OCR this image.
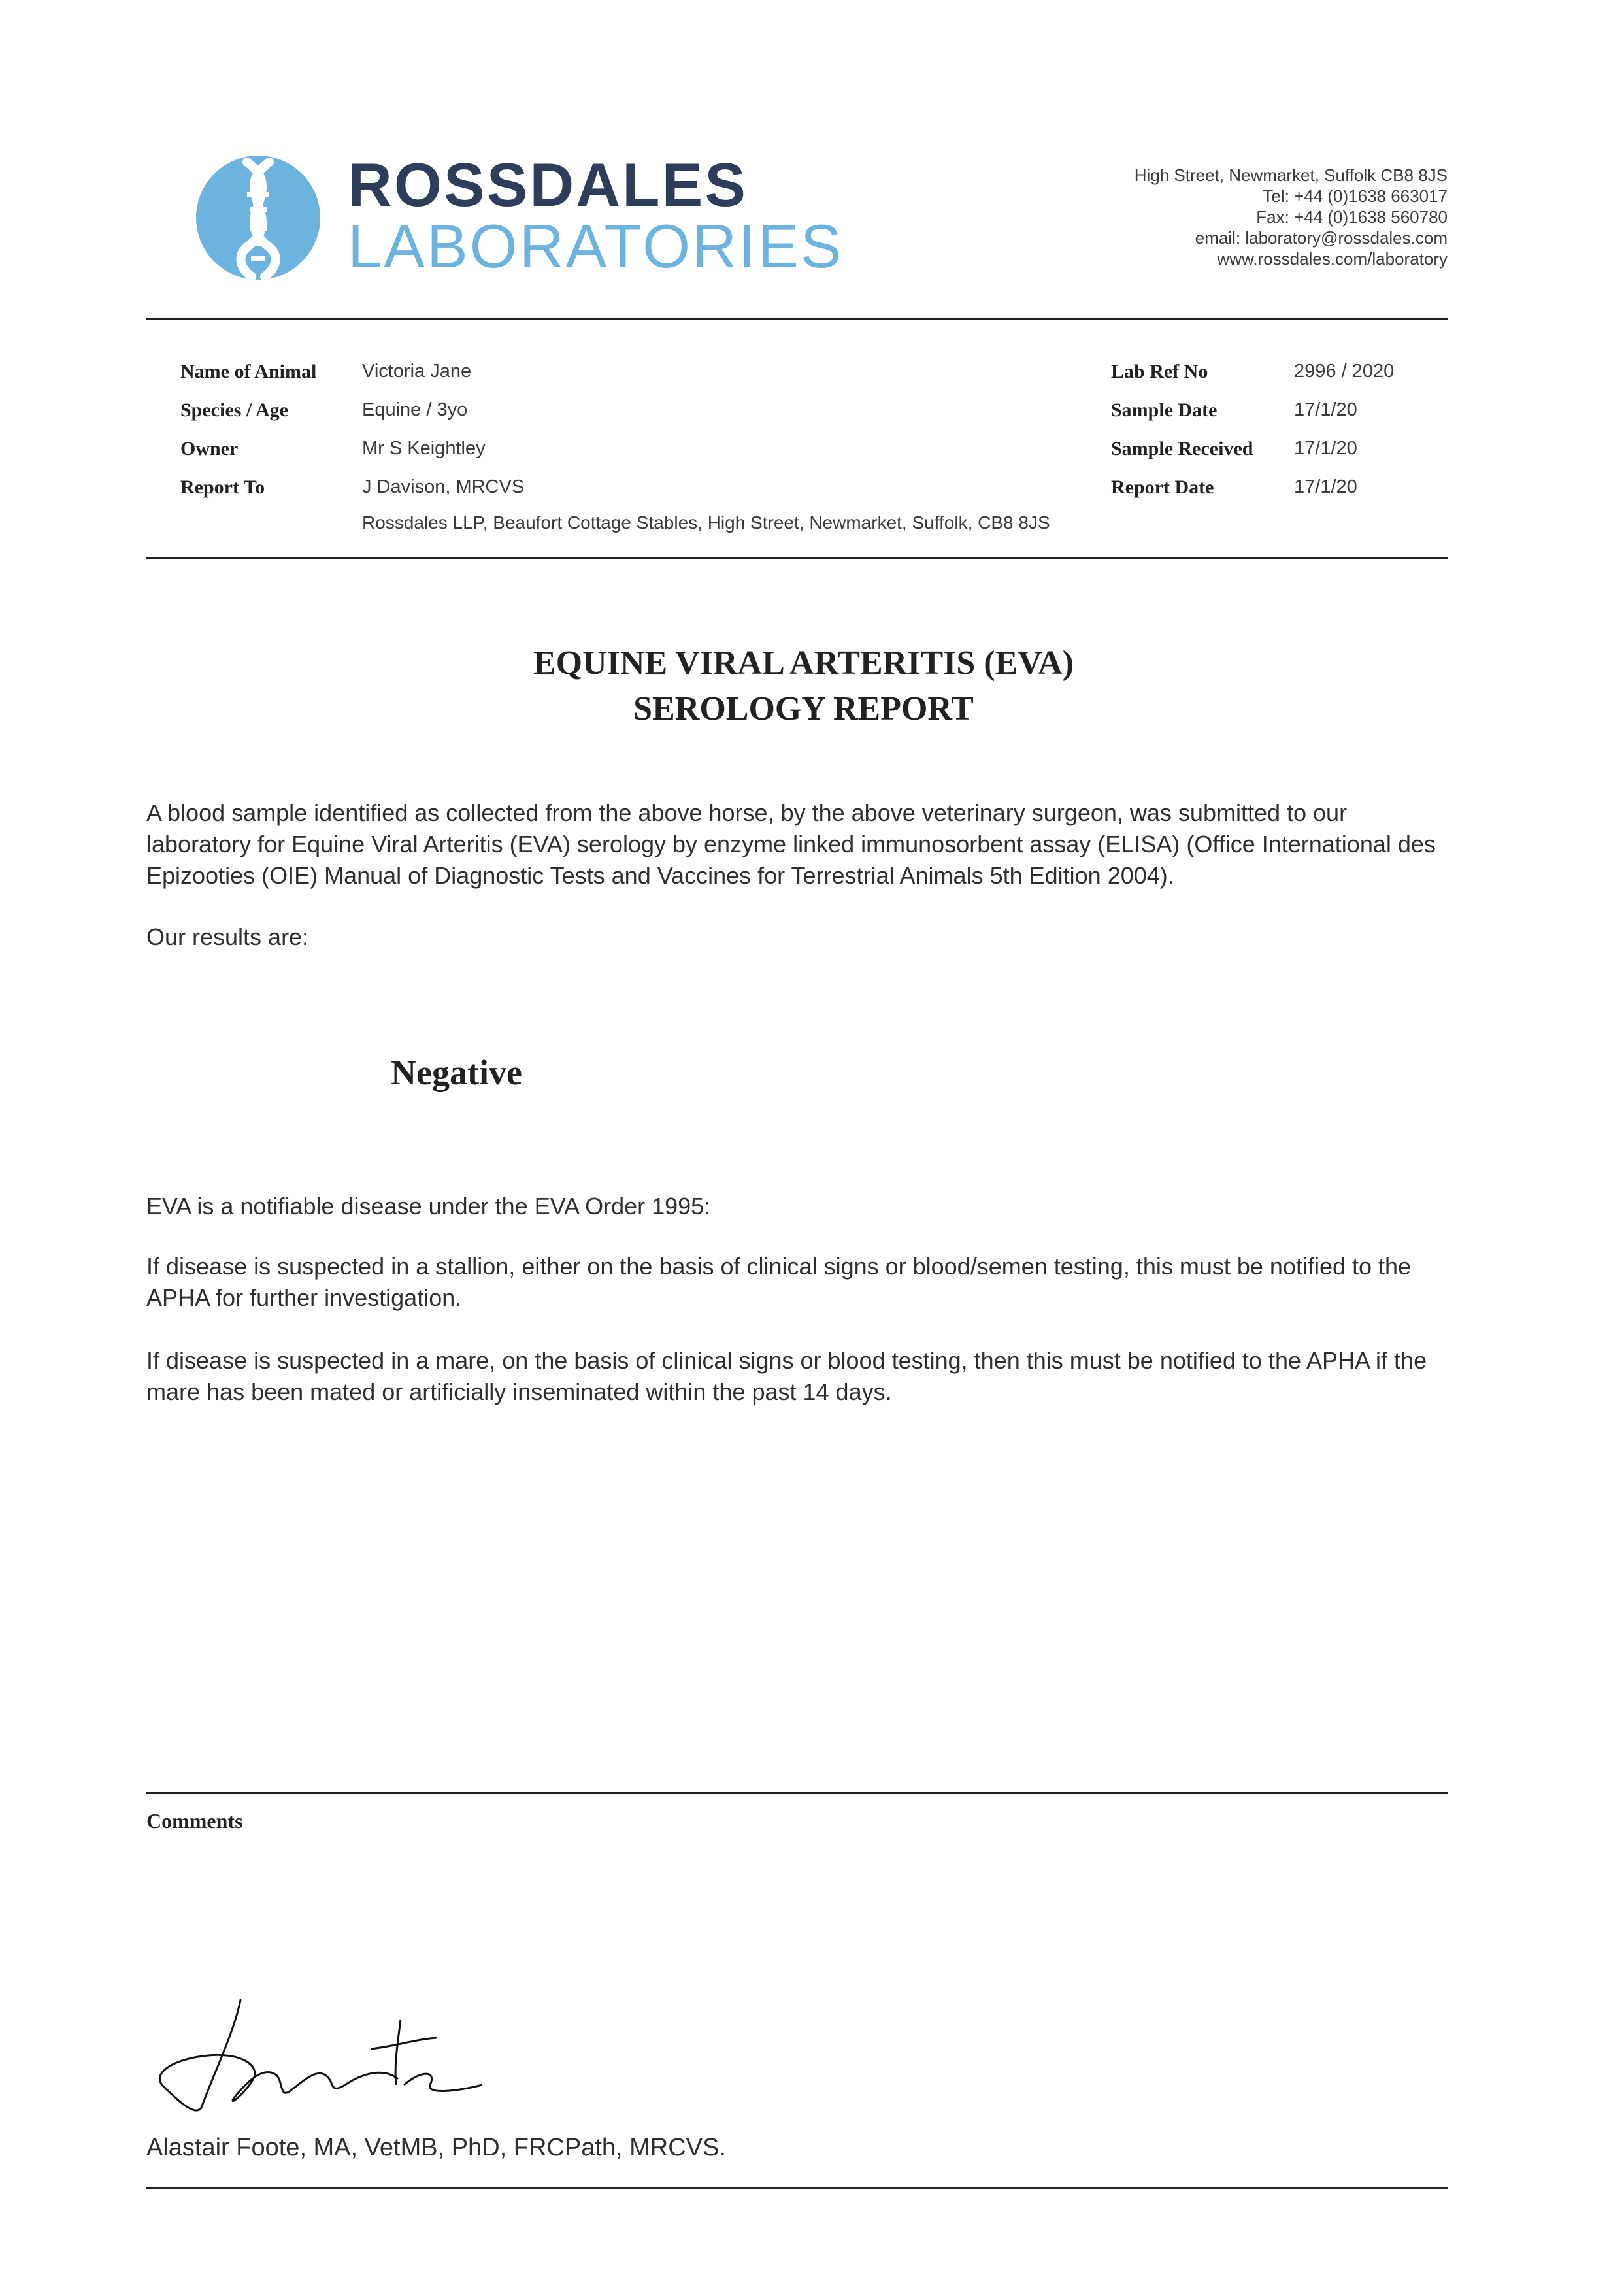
ROSSDALES
LABORATORIES
High Street, Newmarket, Suffolk CB8 8JS
Tel: +44 (0)1638 663017
Fax: +44 (0)1638 560780
email: laboratory@rossdales.com
www.rossdales.com/laboratory
Name of Animal Victoria Jane
Species / Age	Equine / 3yo
Owner	Mr S Keightley
Report To	J Davison, MRCVS
Rossdales LLP, Beaufort Cottage Stables, High Street, Newmarket, Suffolk, CB8 8JS
Lab Ref No	2996 / 2020
Sample Date	17/1/20
Sample Received 17/1/20
Report Date	17/1/20
EQUINE VIRAL ARTERITIS (EVA)
SEROLOGY REPORT
A blood sample identified as collected from the above horse, by the above veterinary surgeon, was submitted to our laboratory for Equine Viral Arteritis (EVA) serology by enzyme linked immunosorbent assay (ELISA) (Office International des Epizooties (OIE) Manual of Diagnostic Tests and Vaccines for Terrestrial Animals 5th Edition 2004).
Our results are:
Negative
EVA is a notifiable disease under the EVA Order 1995:
If disease is suspected in a stallion, either on the basis of clinical signs or blood/semen testing, this must be notified to the APHA for further investigation.
If disease is suspected in a mare, on the basis of clinical signs or blood testing, then this must be notified to the APHA if the mare has been mated or artificially inseminated within the past 14 days.
Comments
Alastair Foote, MA, VetMB, PhD, FRCPath, MRCVS.
